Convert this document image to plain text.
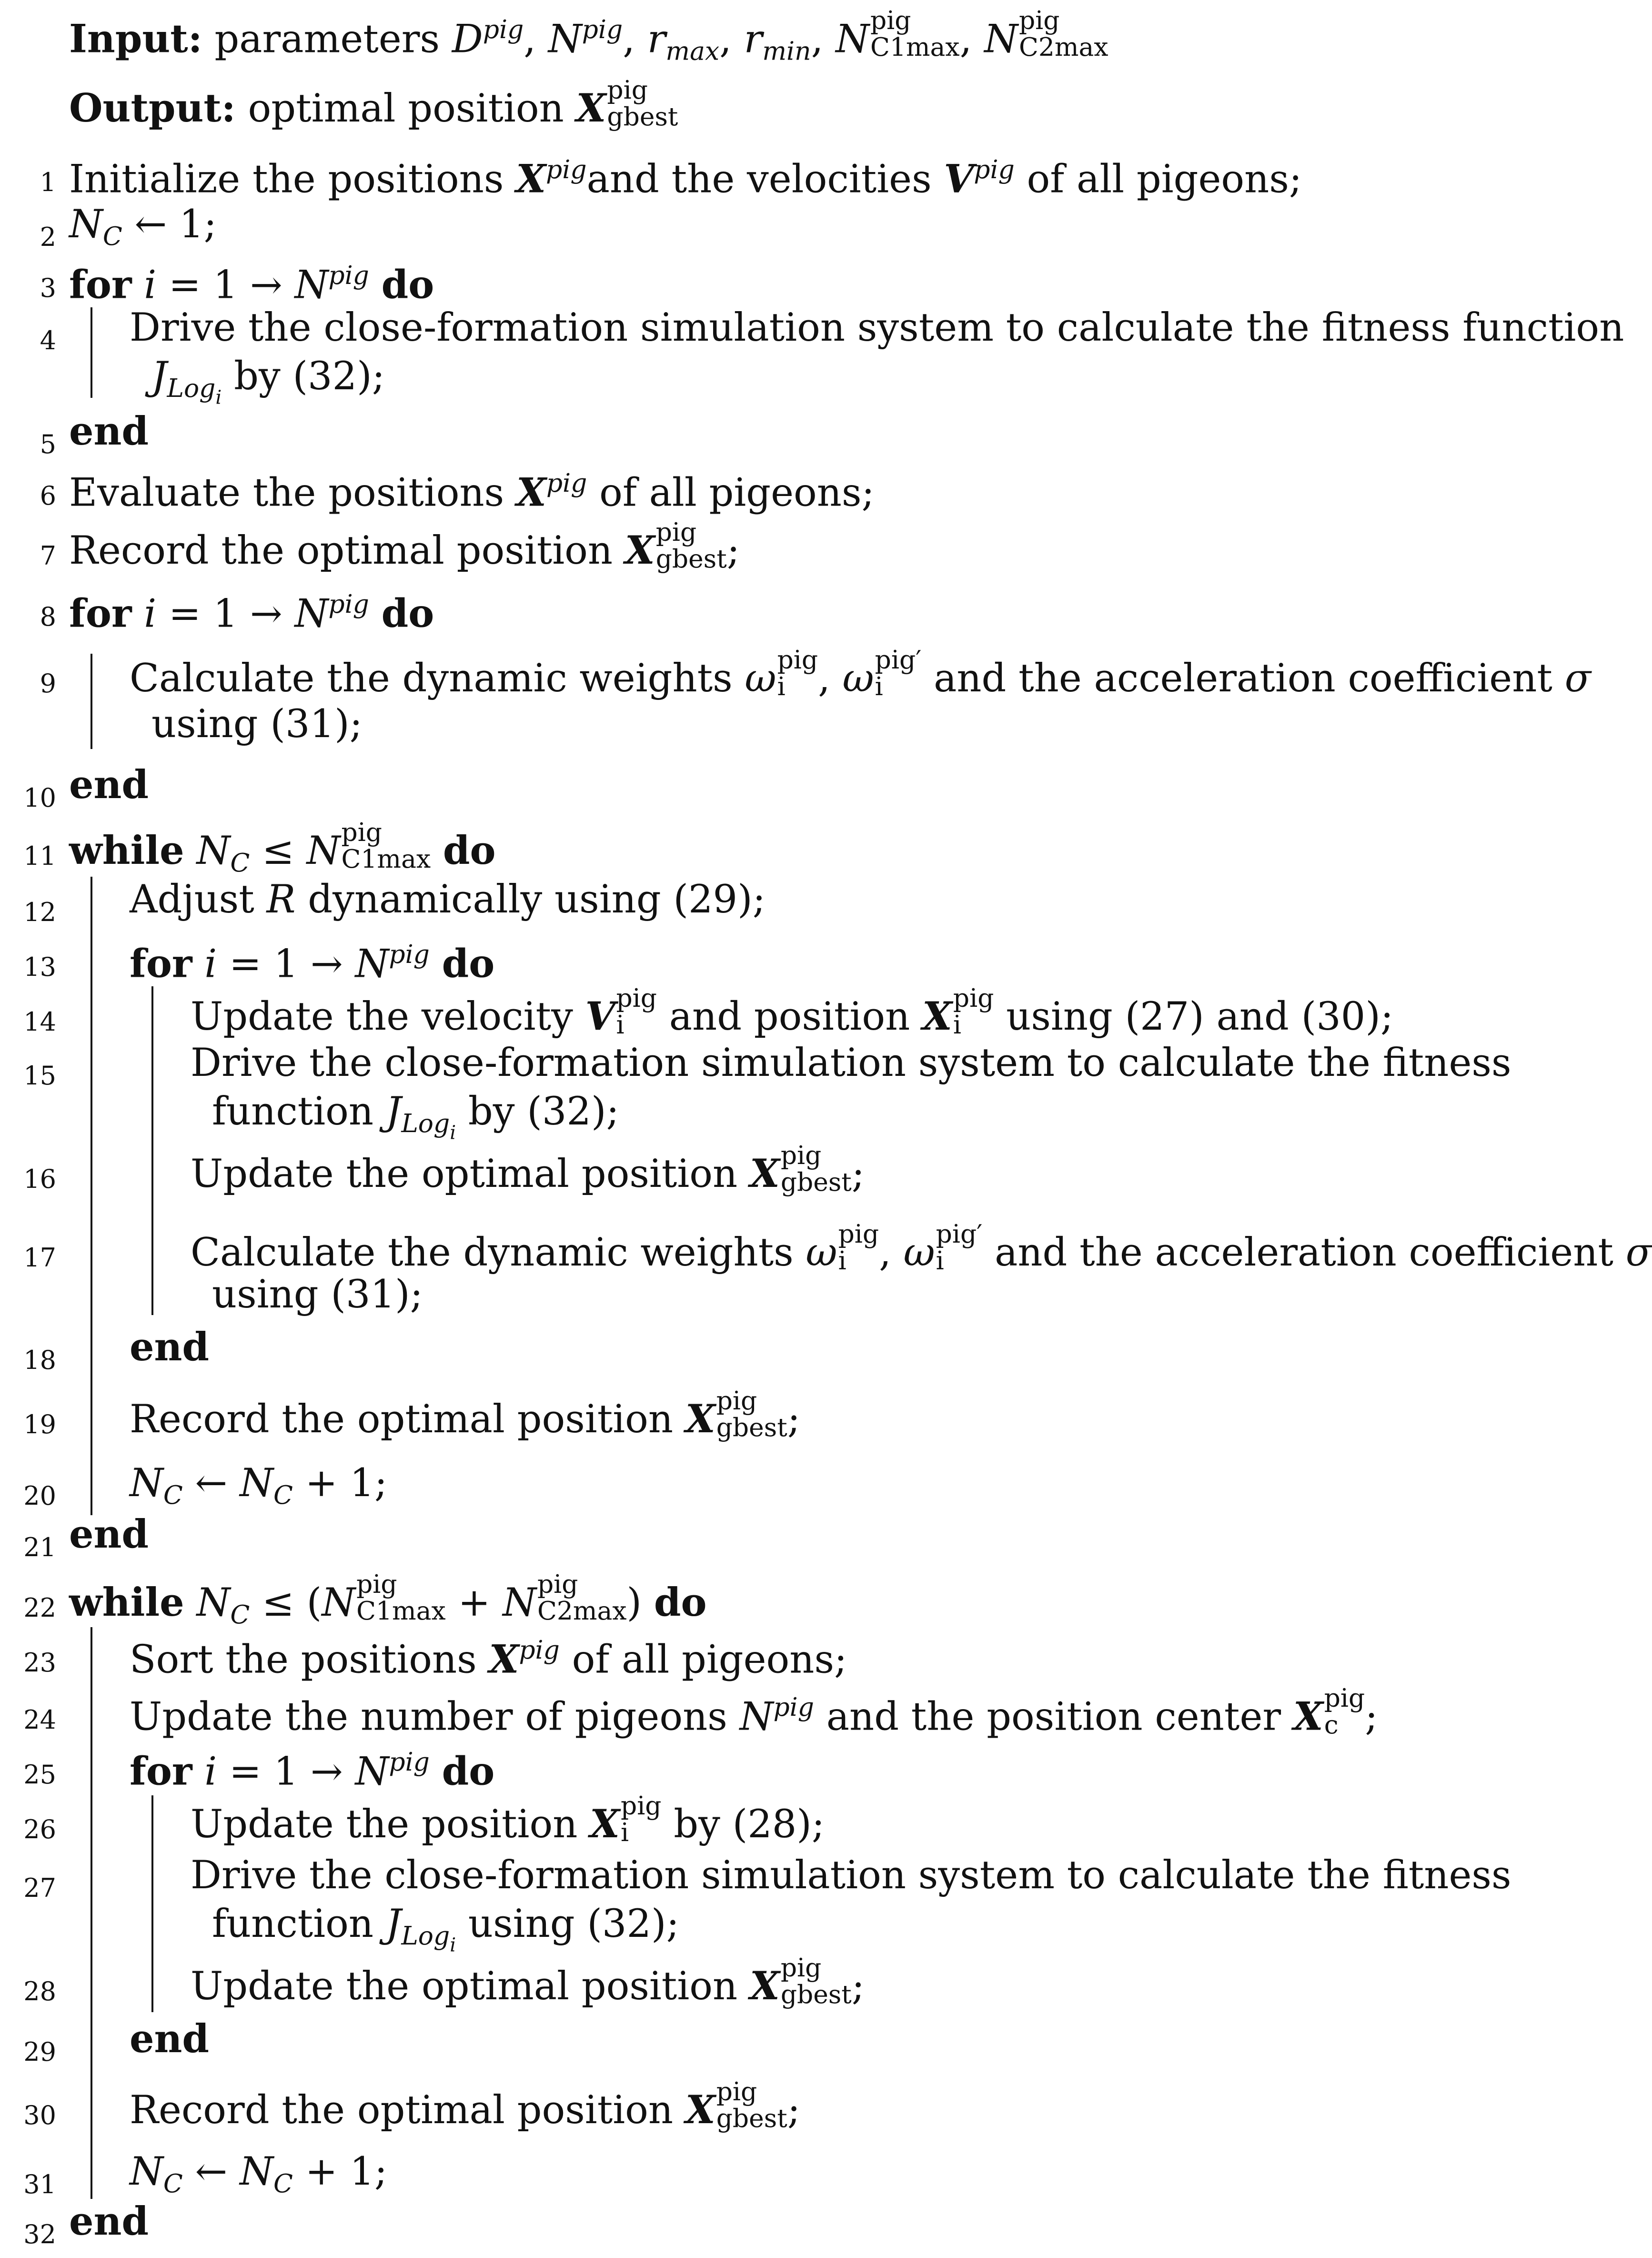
Input: parameters $D^{pig}$, $N^{pig}$, $r_{max}$, $r_{min}$, N pig
C1max , N pig
C2max
Output: optimal position X pig
gbest
1 Initialize the positions $X^{pig}and$ the velocities $V^{pig}$ of all pigeons;
2 $N_C$ ← 1;
3 for $i = 1 \to N^{pig}$ do
4 Drive the close-formation simulation system to calculate the fitness function
$J_{Logi}$ by (32);
5 end
6 Evaluate the positions $X^{pig}$ of all pigeons;
7 Record the optimal position X pig
gbest ;
8 for $i = 1 \to N^{pig}$ do
9 Calculate the dynamic weights ω pig
i , ω pig′
i	and the acceleration coefficient σ
using (31);
10 end
11 while $N_C \le N$ pig
C1max do
12 Adjust R dynamically using (29);
13 for $i = 1 \to N^{pig}$ do
14	Update the velocity V pig
i	and position X pig
i	using (27) and (30);
15	Drive the close-formation simulation system to calculate the fitness
function $J_{Logi}$ by (32);
16	Update the optimal position X pig
gbest ;
17	Calculate the dynamic weights ω pig
i , ω pig′
i	and the acceleration coefficient σ
using (31);
18 end
19 Record the optimal position X pig
gbest ;
20 $N_C$ ← $N_C + 1$;
21 end
22 while $N_C \le (N$ pig
C1max + N pig
C2max ) do
23 Sort the positions $X^{pig}$ of all pigeons;
24 Update the number of pigeons $N^{pig}$ and the position center X pig
c ;
25 for $i = 1 \to N^{pig}$ do
26	Update the position X pig
i	by (28);
27	Drive the close-formation simulation system to calculate the fitness
function $J_{Logi}$ using (32);
28	Update the optimal position X pig
gbest ;
29 end
30 Record the optimal position X pig
gbest ;
31 $N_C$ ← $N_C + 1$;
32 end
